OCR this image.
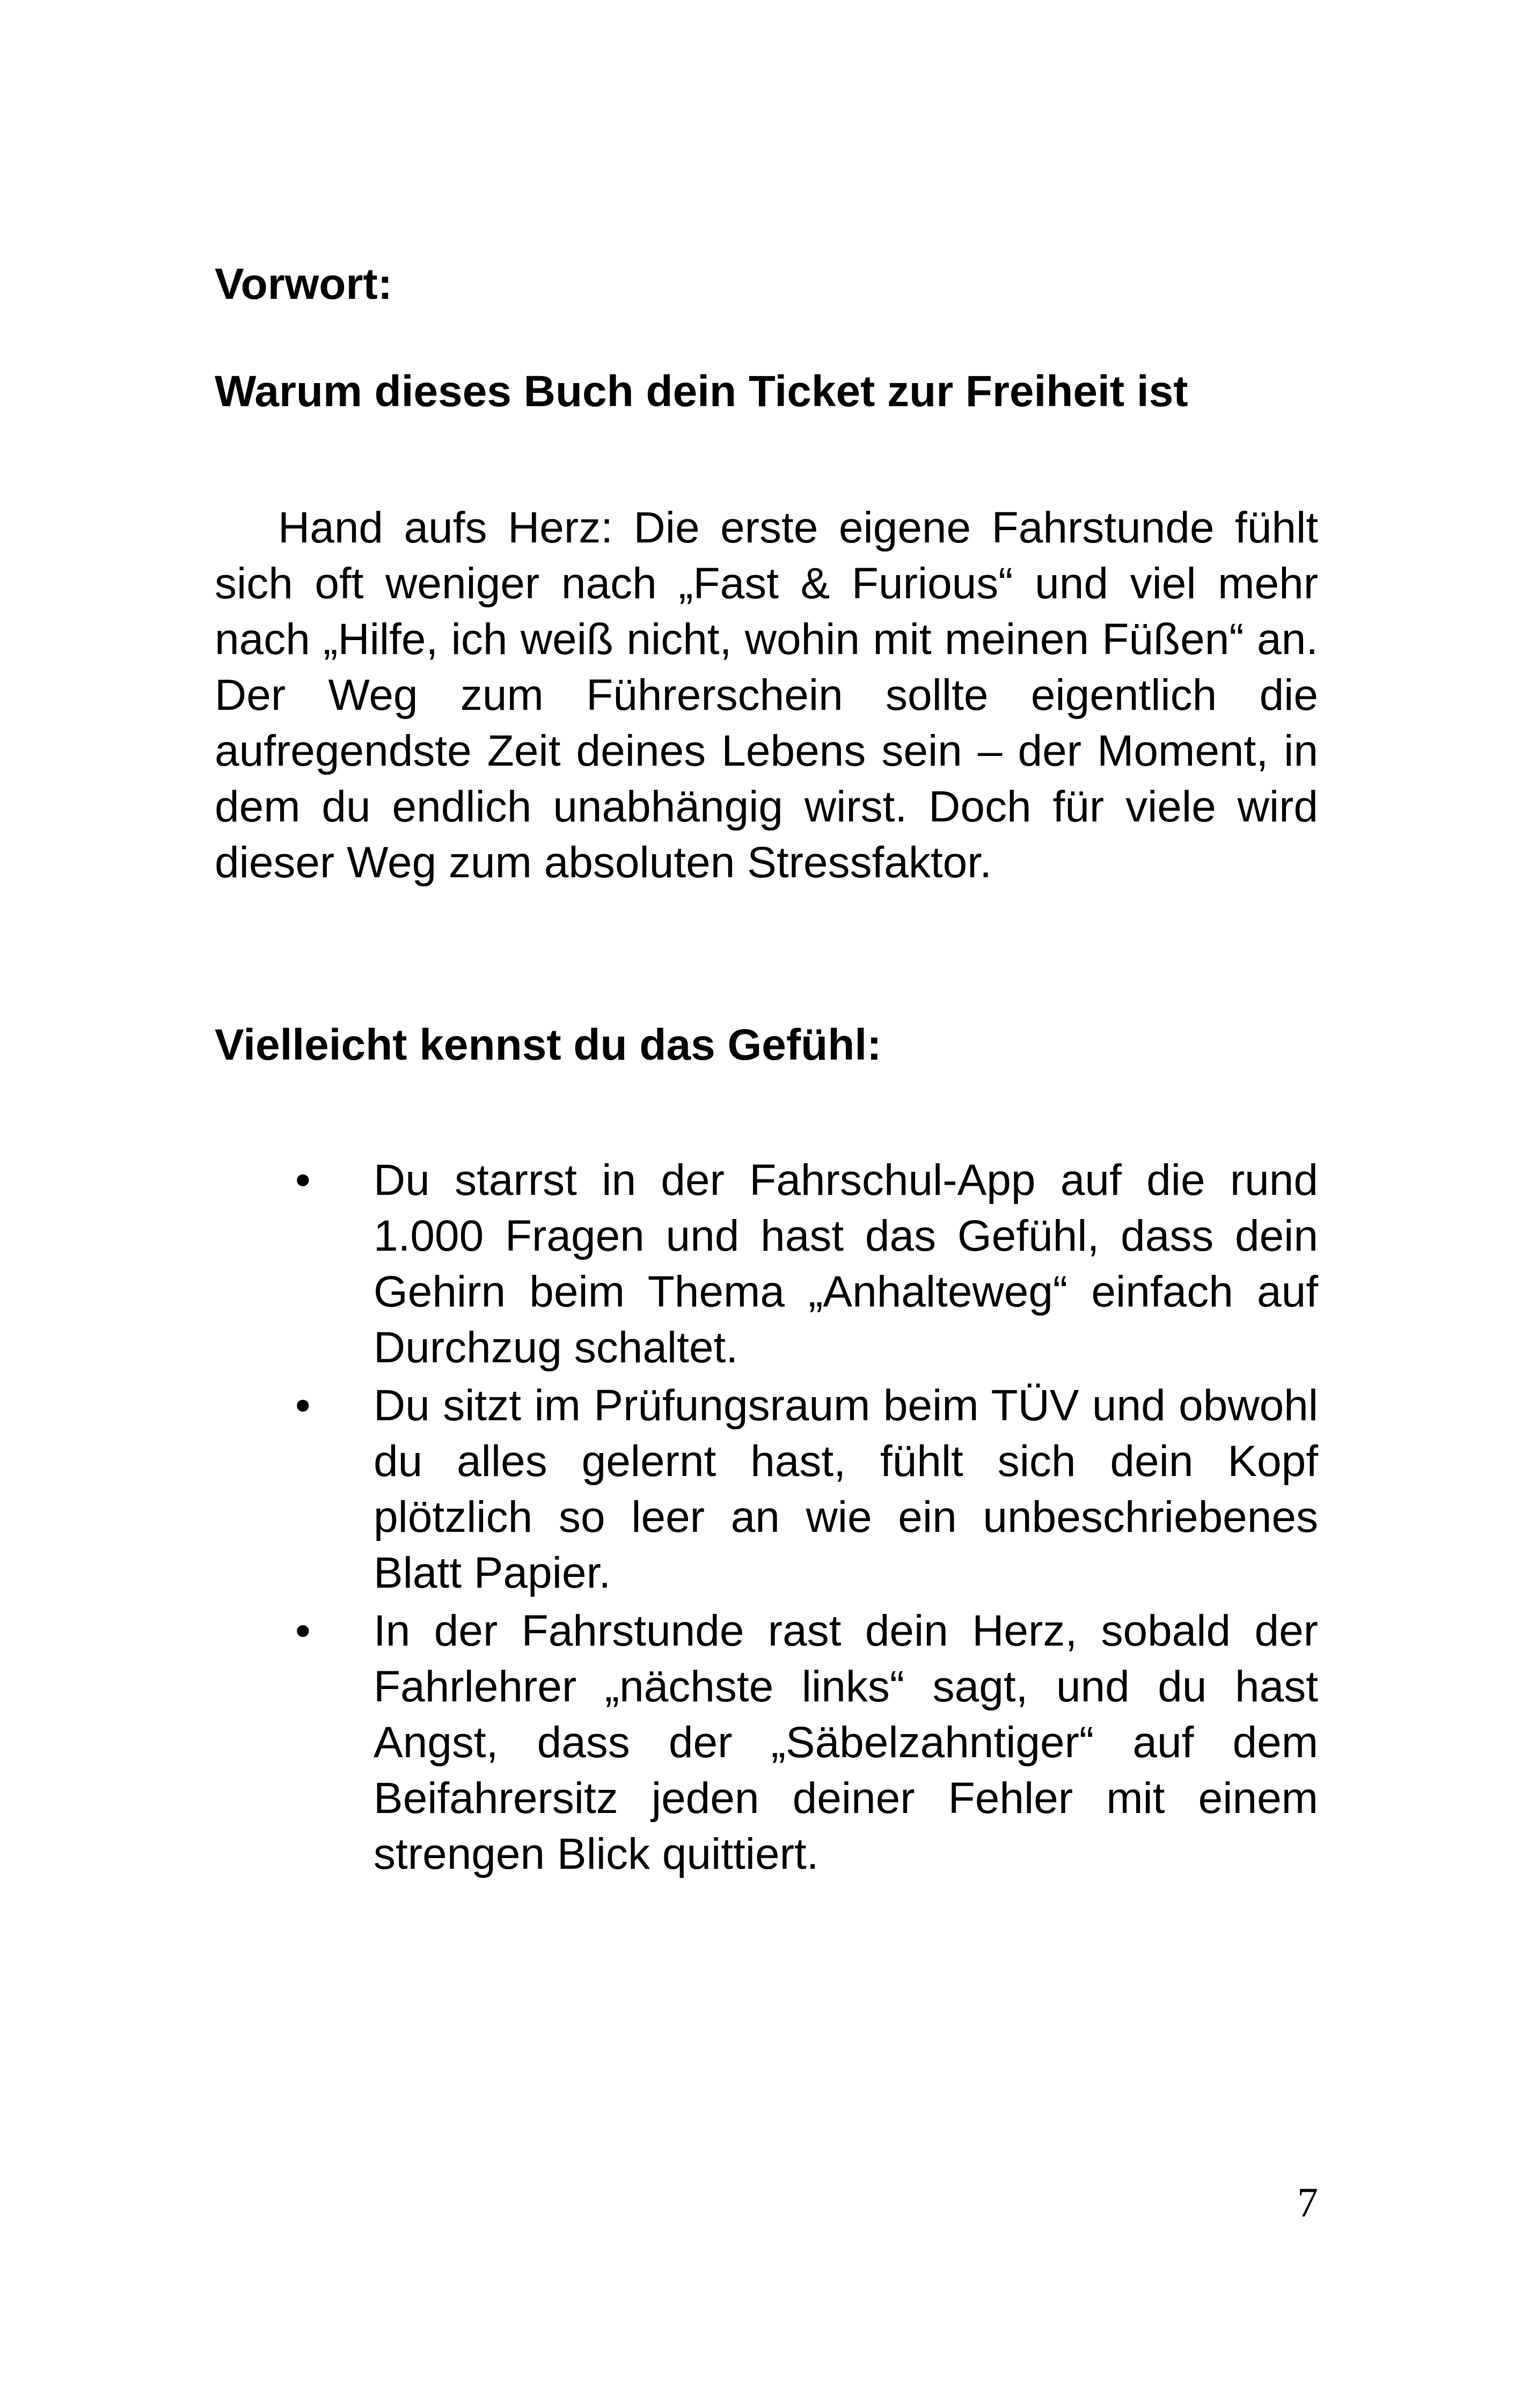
Vorwort:
Warum dieses Buch dein Ticket zur Freiheit ist

Hand aufs Herz: Die erste eigene Fahrstunde fühlt sich oft weniger nach „Fast & Furious“ und viel mehr nach „Hilfe, ich weiß nicht, wohin mit meinen Füßen“ an. Der Weg zum Führerschein sollte eigentlich die aufregendste Zeit deines Lebens sein – der Moment, in dem du endlich unabhängig wirst. Doch für viele wird dieser Weg zum absoluten Stressfaktor.

Vielleicht kennst du das Gefühl:
•	Du starrst in der Fahrschul-App auf die rund 1.000 Fragen und hast das Gefühl, dass dein Gehirn beim Thema „Anhalteweg“ einfach auf Durchzug schaltet.
•	Du sitzt im Prüfungsraum beim TÜV und obwohl du alles gelernt hast, fühlt sich dein Kopf plötzlich so leer an wie ein unbeschriebenes Blatt Papier.
•	In der Fahrstunde rast dein Herz, sobald der Fahrlehrer „nächste links“ sagt, und du hast Angst, dass der „Säbelzahntiger“ auf dem Beifahrersitz jeden deiner Fehler mit einem strengen Blick quittiert.
7
